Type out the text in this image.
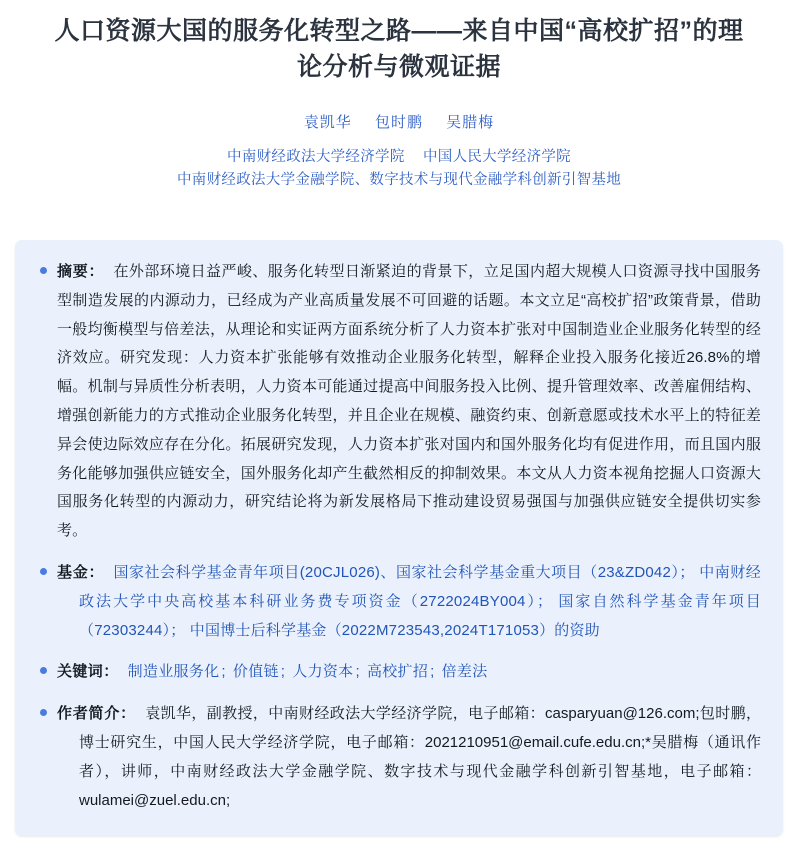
人口资源大国的服务化转型之路——来自中国“高校扩招”的理论分析与微观证据
袁凯华 包时鹏 吴腊梅
中南财经政法大学经济学院 中国人民大学经济学院
中南财经政法大学金融学院、数字技术与现代金融学科创新引智基地
摘要： 在外部环境日益严峻、服务化转型日渐紧迫的背景下，立足国内超大规模人口资源寻找中国服务型制造发展的内源动力，已经成为产业高质量发展不可回避的话题。本文立足“高校扩招”政策背景，借助一般均衡模型与倍差法，从理论和实证两方面系统分析了人力资本扩张对中国制造业企业服务化转型的经济效应。研究发现：人力资本扩张能够有效推动企业服务化转型，解释企业投入服务化接近26.8%的增幅。机制与异质性分析表明，人力资本可能通过提高中间服务投入比例、提升管理效率、改善雇佣结构、增强创新能力的方式推动企业服务化转型，并且企业在规模、融资约束、创新意愿或技术水平上的特征差异会使边际效应存在分化。拓展研究发现，人力资本扩张对国内和国外服务化均有促进作用，而且国内服务化能够加强供应链安全，国外服务化却产生截然相反的抑制效果。本文从人力资本视角挖掘人口资源大国服务化转型的内源动力，研究结论将为新发展格局下推动建设贸易强国与加强供应链安全提供切实参考。
基金： 国家社会科学基金青年项目(20CJL026)、国家社会科学基金重大项目（23&ZD042）； 中南财经政法大学中央高校基本科研业务费专项资金（2722024BY004）； 国家自然科学基金青年项目（72303244）； 中国博士后科学基金（2022M723543,2024T171053）的资助
关键词： 制造业服务化 ; 价值链 ; 人力资本 ; 高校扩招 ; 倍差法
作者简介： 袁凯华，副教授，中南财经政法大学经济学院，电子邮箱：casparyuan@126.com;包时鹏，博士研究生，中国人民大学经济学院，电子邮箱：2021210951@email.cufe.edu.cn;*吴腊梅（通讯作者），讲师，中南财经政法大学金融学院、数字技术与现代金融学科创新引智基地，电子邮箱：wulamei@zuel.edu.cn;
